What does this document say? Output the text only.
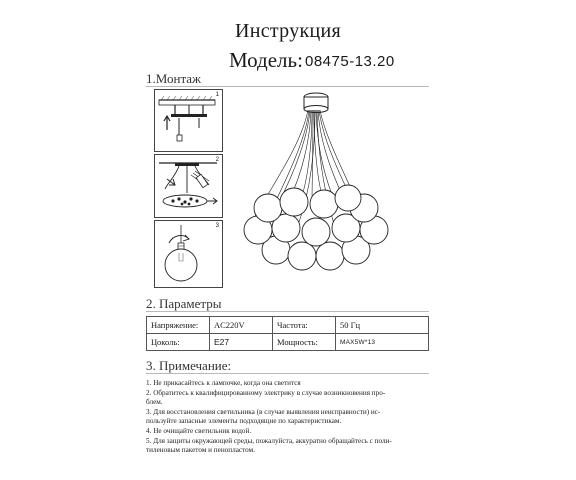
Инструкция
Модель: 08475-13.20
1.Монтаж
1
2
3
2. Параметры
Напряжение:	AC220V	Частота:	50 Гц
Цоколь:	E27	Мощность:	MAX5W*13
3. Примечание:
1. Не прикасайтесь к лампочке, когда она светится
2. Обратитесь к квалифицированному электрику в случае возникновения про-
блем.
3. Для восстановления светильника (в случае выявления неисправности) ис-
пользуйте запасные элементы подходящие по характеристикам.
4. Не очищайте светильник водой.
5. Для защиты окружающей среды, пожалуйста, аккуратно обращайтесь с поли-
тиленовым пакетом и пенопластом.
